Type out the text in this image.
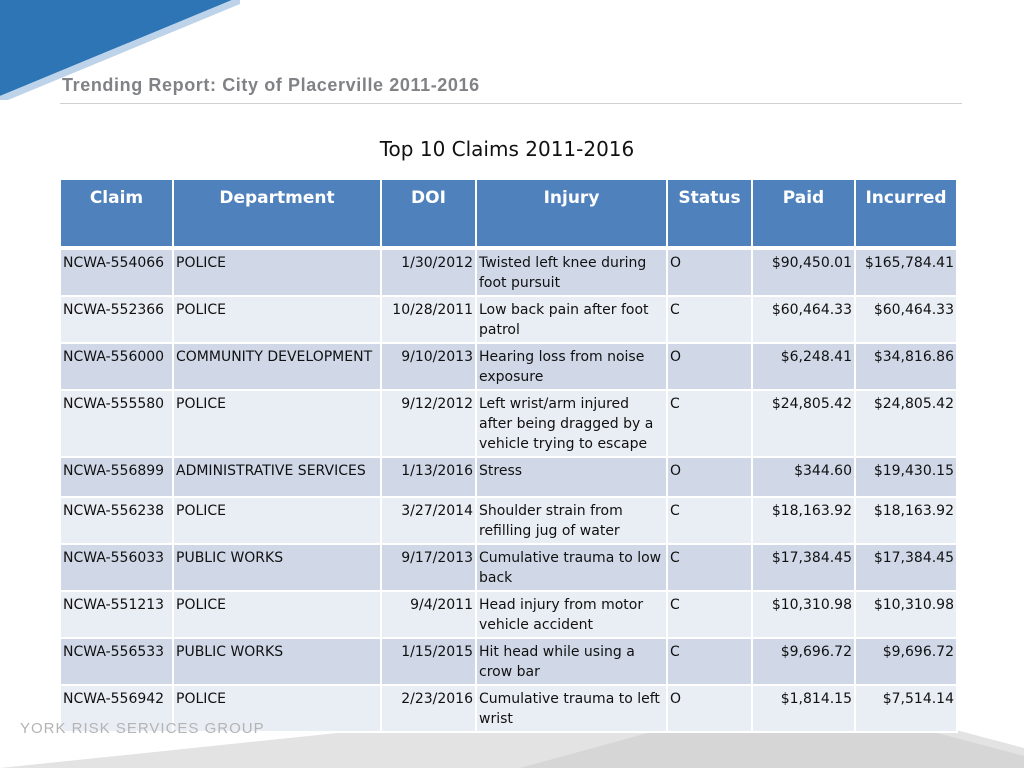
Trending Report: City of Placerville 2011-2016
Top 10 Claims 2011-2016
Claim	Department	DOI	Injury	Status	Paid	Incurred
NCWA-554066	POLICE	1/30/2012	Twisted left knee during foot pursuit	O	$90,450.01	$165,784.41
NCWA-552366	POLICE	10/28/2011	Low back pain after foot patrol	C	$60,464.33	$60,464.33
NCWA-556000	COMMUNITY DEVELOPMENT	9/10/2013	Hearing loss from noise exposure	O	$6,248.41	$34,816.86
NCWA-555580	POLICE	9/12/2012	Left wrist/arm injured after being dragged by a vehicle trying to escape	C	$24,805.42	$24,805.42
NCWA-556899	ADMINISTRATIVE SERVICES	1/13/2016	Stress	O	$344.60	$19,430.15
NCWA-556238	POLICE	3/27/2014	Shoulder strain from refilling jug of water	C	$18,163.92	$18,163.92
NCWA-556033	PUBLIC WORKS	9/17/2013	Cumulative trauma to low back	C	$17,384.45	$17,384.45
NCWA-551213	POLICE	9/4/2011	Head injury from motor vehicle accident	C	$10,310.98	$10,310.98
NCWA-556533	PUBLIC WORKS	1/15/2015	Hit head while using a crow bar	C	$9,696.72	$9,696.72
NCWA-556942	POLICE	2/23/2016	Cumulative trauma to left wrist	O	$1,814.15	$7,514.14
YORK RISK SERVICES GROUP
